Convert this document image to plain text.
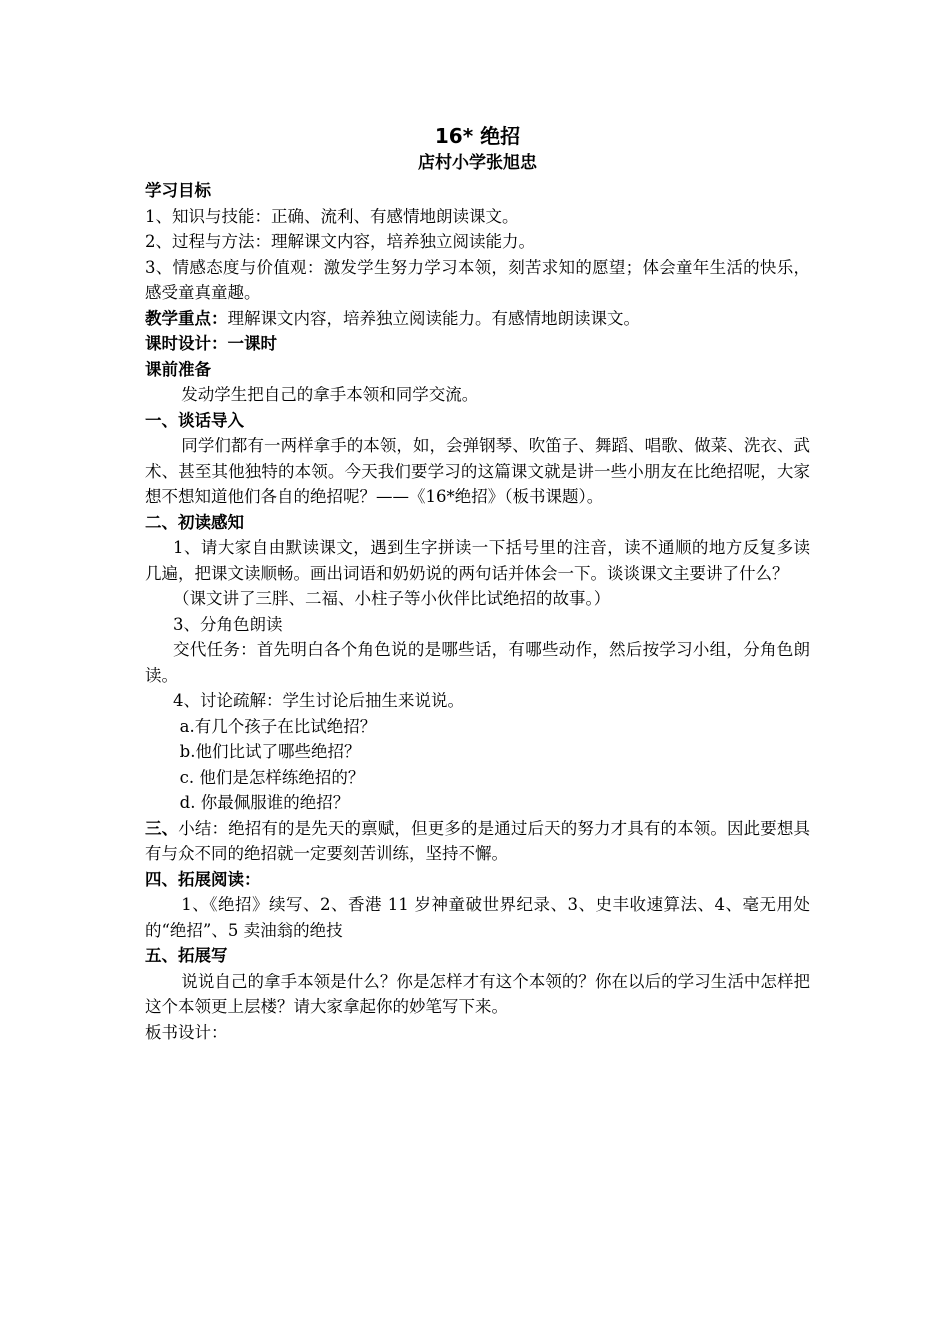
16* 绝招
店村小学张旭忠
学习目标

1、知识与技能：正确、流利、有感情地朗读课文。

2、过程与方法：理解课文内容，培养独立阅读能力。

3、情感态度与价值观：激发学生努力学习本领，刻苦求知的愿望；体会童年生活的快乐，感受童真童趣。

教学重点：理解课文内容，培养独立阅读能力。有感情地朗读课文。

课时设计：一课时
课前准备

发动学生把自己的拿手本领和同学交流。

一、谈话导入

同学们都有一两样拿手的本领，如，会弹钢琴、吹笛子、舞蹈、唱歌、做菜、洗衣、武术、甚至其他独特的本领。今天我们要学习的这篇课文就是讲一些小朋友在比绝招呢，大家想不想知道他们各自的绝招呢？——《16*绝招》（板书课题）。

二、初读感知

1、请大家自由默读课文，遇到生字拼读一下括号里的注音，读不通顺的地方反复多读几遍，把课文读顺畅。画出词语和奶奶说的两句话并体会一下。谈谈课文主要讲了什么？

（课文讲了三胖、二福、小柱子等小伙伴比试绝招的故事。）

3、分角色朗读

交代任务：首先明白各个角色说的是哪些话，有哪些动作，然后按学习小组，分角色朗读。

4、讨论疏解：学生讨论后抽生来说说。

a.有几个孩子在比试绝招？

b.他们比试了哪些绝招？

c. 他们是怎样练绝招的？

d. 你最佩服谁的绝招？

三、小结：绝招有的是先天的禀赋，但更多的是通过后天的努力才具有的本领。因此要想具有与众不同的绝招就一定要刻苦训练，坚持不懈。

四、拓展阅读：

1、《绝招》续写、2、香港 11 岁神童破世界纪录、3、史丰收速算法、4、毫无用处的“绝招”、5 卖油翁的绝技

五、拓展写

说说自己的拿手本领是什么？你是怎样才有这个本领的？你在以后的学习生活中怎样把这个本领更上层楼？请大家拿起你的妙笔写下来。

板书设计：
